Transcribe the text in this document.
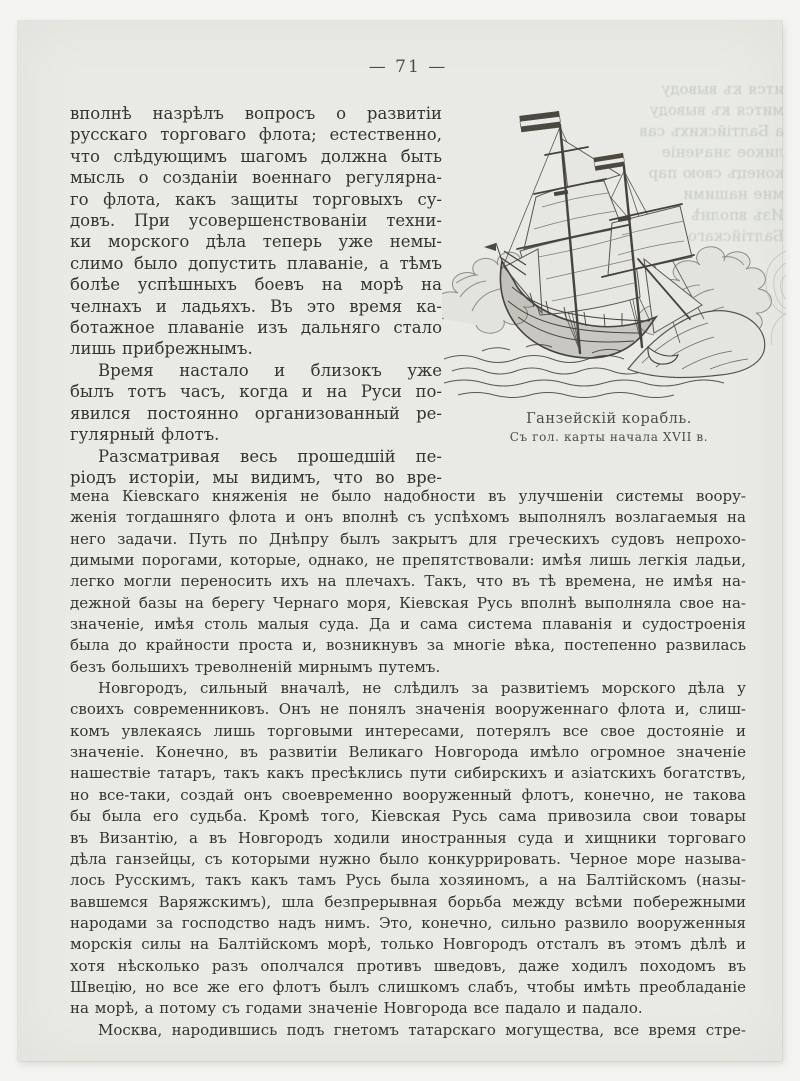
— 71 —
ится къ выводу
мится къ выводу
а Балтійскихъ сав
ликое значеніе
конецъ свою пар
мне нашими
Изъ вполнѣ
Балтійскаго
вполнѣ назрѣлъ вопросъ о развитіи
русскаго торговаго флота; естественно,
что слѣдующимъ шагомъ должна быть
мысль о созданіи военнаго регулярна-
го флота, какъ защиты торговыхъ су-
довъ. При усовершенствованіи техни-
ки морского дѣла теперь уже немы-
слимо было допустить плаваніе, а тѣмъ
болѣе успѣшныхъ боевъ на морѣ на
челнахъ и ладьяхъ. Въ это время ка-
ботажное плаваніе изъ дальняго стало
лишь прибрежнымъ.
Время настало и близокъ уже
былъ тотъ часъ, когда и на Руси по-
явился постоянно организованный ре-
гулярный флотъ.
Разсматривая весь прошедшій пе-
ріодъ исторіи, мы видимъ, что во вре-
Ганзейскій корабль.
Съ гол. карты начала XVII в.
мена Кіевскаго княженія не было надобности въ улучшеніи системы воору-
женія тогдашняго флота и онъ вполнѣ съ успѣхомъ выполнялъ возлагаемыя на
него задачи. Путь по Днѣпру былъ закрытъ для греческихъ судовъ непрохо-
димыми порогами, которые, однако, не препятствовали: имѣя лишь легкія ладьи,
легко могли переносить ихъ на плечахъ. Такъ, что въ тѣ времена, не имѣя на-
дежной базы на берегу Чернаго моря, Кіевская Русь вполнѣ выполняла свое на-
значеніе, имѣя столь малыя суда. Да и сама система плаванія и судостроенія
была до крайности проста и, возникнувъ за многіе вѣка, постепенно развилась
безъ большихъ треволненій мирнымъ путемъ.
Новгородъ, сильный вначалѣ, не слѣдилъ за развитіемъ морского дѣла у
своихъ современниковъ. Онъ не понялъ значенія вооруженнаго флота и, слиш-
комъ увлекаясь лишь торговыми интересами, потерялъ все свое достояніе и
значеніе. Конечно, въ развитіи Великаго Новгорода имѣло огромное значеніе
нашествіе татаръ, такъ какъ пресѣклись пути сибирскихъ и азіатскихъ богатствъ,
но все-таки, создай онъ своевременно вооруженный флотъ, конечно, не такова
бы была его судьба. Кромѣ того, Кіевская Русь сама привозила свои товары
въ Византію, а въ Новгородъ ходили иностранныя суда и хищники торговаго
дѣла ганзейцы, съ которыми нужно было конкуррировать. Черное море называ-
лось Русскимъ, такъ какъ тамъ Русь была хозяиномъ, а на Балтійскомъ (назы-
вавшемся Варяжскимъ), шла безпрерывная борьба между всѣми побережными
народами за господство надъ нимъ. Это, конечно, сильно развило вооруженныя
морскія силы на Балтійскомъ морѣ, только Новгородъ отсталъ въ этомъ дѣлѣ и
хотя нѣсколько разъ ополчался противъ шведовъ, даже ходилъ походомъ въ
Швецію, но все же его флотъ былъ слишкомъ слабъ, чтобы имѣть преобладаніе
на морѣ, а потому съ годами значеніе Новгорода все падало и падало.
Москва, народившись подъ гнетомъ татарскаго могущества, все время стре-
